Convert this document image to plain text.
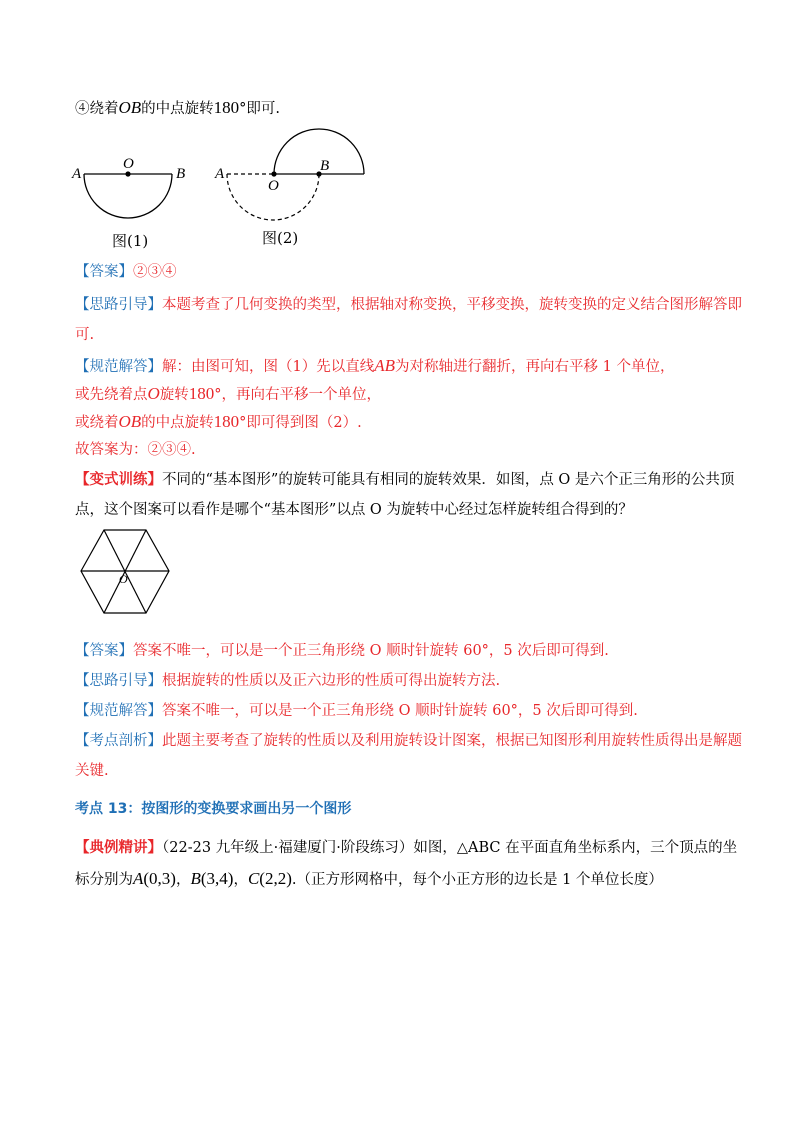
④绕着OB的中点旋转180°即可.
A
O
B
图(1)
A
O
B
图(2)
【答案】②③④
【思路引导】本题考查了几何变换的类型，根据轴对称变换，平移变换，旋转变换的定义结合图形解答即
可.
【规范解答】解：由图可知，图（1）先以直线AB为对称轴进行翻折，再向右平移 1 个单位，
或先绕着点O旋转180°，再向右平移一个单位，
或绕着OB的中点旋转180°即可得到图（2）.
故答案为：②③④.
【变式训练】不同的“基本图形”的旋转可能具有相同的旋转效果．如图，点 O 是六个正三角形的公共顶
点，这个图案可以看作是哪个“基本图形”以点 O 为旋转中心经过怎样旋转组合得到的？
O
【答案】答案不唯一，可以是一个正三角形绕 O 顺时针旋转 60°，5 次后即可得到.
【思路引导】根据旋转的性质以及正六边形的性质可得出旋转方法.
【规范解答】答案不唯一，可以是一个正三角形绕 O 顺时针旋转 60°，5 次后即可得到.
【考点剖析】此题主要考查了旋转的性质以及利用旋转设计图案，根据已知图形利用旋转性质得出是解题
关键.
考点 13：按图形的变换要求画出另一个图形
【典例精讲】（22-23 九年级上·福建厦门·阶段练习）如图，△ABC 在平面直角坐标系内，三个顶点的坐
标分别为A(0,3)，B(3,4)，C(2,2).（正方形网格中，每个小正方形的边长是 1 个单位长度）
